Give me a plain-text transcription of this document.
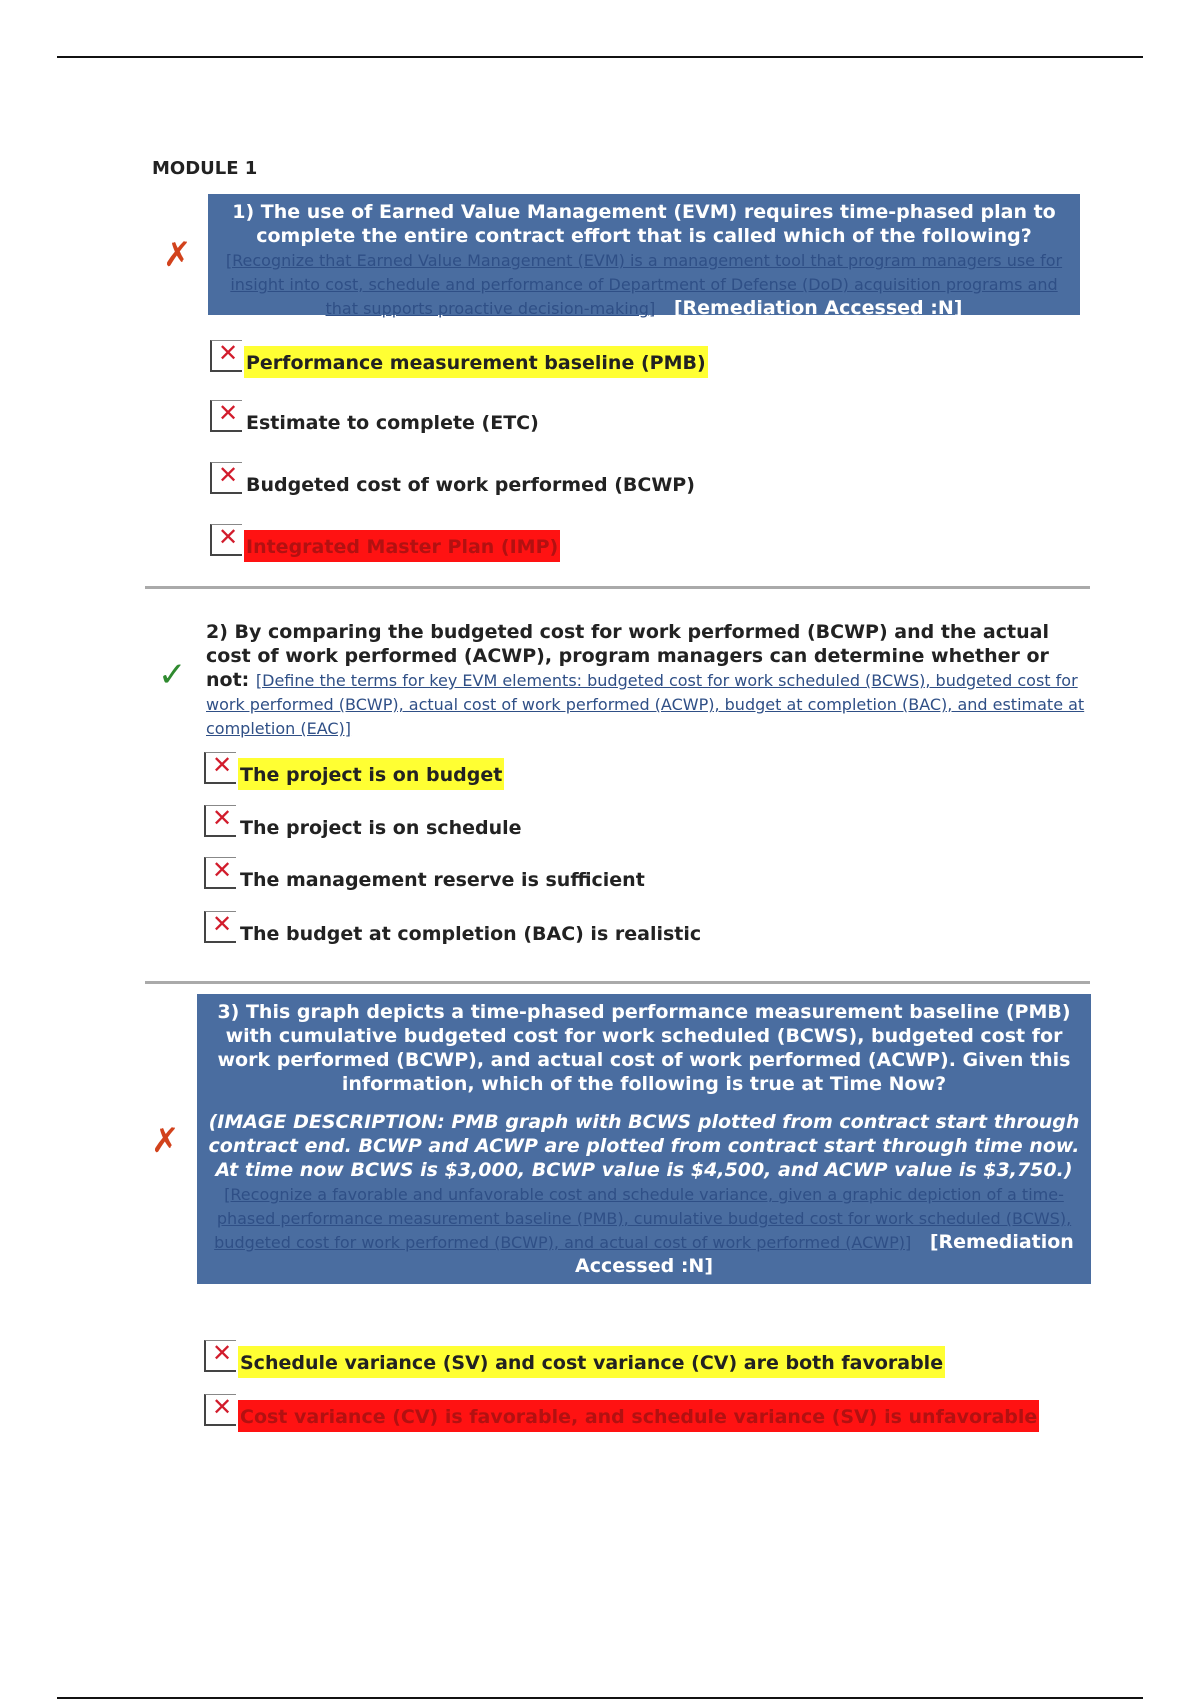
MODULE 1
✗
1) The use of Earned Value Management (EVM) requires time-phased plan to complete the entire contract effort that is called which of the following? [Recognize that Earned Value Management (EVM) is a management tool that program managers use for insight into cost, schedule and performance of Department of Defense (DoD) acquisition programs and that supports proactive decision-making] [Remediation Accessed :N]
✕ Performance measurement baseline (PMB)
✕ Estimate to complete (ETC)
✕ Budgeted cost of work performed (BCWP)
✕ Integrated Master Plan (IMP)
✓
2) By comparing the budgeted cost for work performed (BCWP) and the actual cost of work performed (ACWP), program managers can determine whether or not: [Define the terms for key EVM elements: budgeted cost for work scheduled (BCWS), budgeted cost for work performed (BCWP), actual cost of work performed (ACWP), budget at completion (BAC), and estimate at completion (EAC)]
✕ The project is on budget
✕ The project is on schedule
✕ The management reserve is sufficient
✕ The budget at completion (BAC) is realistic
✗
3) This graph depicts a time-phased performance measurement baseline (PMB) with cumulative budgeted cost for work scheduled (BCWS), budgeted cost for work performed (BCWP), and actual cost of work performed (ACWP). Given this information, which of the following is true at Time Now?
(IMAGE DESCRIPTION: PMB graph with BCWS plotted from contract start through contract end. BCWP and ACWP are plotted from contract start through time now. At time now BCWS is $3,000, BCWP value is $4,500, and ACWP value is $3,750.)
[Recognize a favorable and unfavorable cost and schedule variance, given a graphic depiction of a time-phased performance measurement baseline (PMB), cumulative budgeted cost for work scheduled (BCWS), budgeted cost for work performed (BCWP), and actual cost of work performed (ACWP)] [Remediation Accessed :N]
✕ Schedule variance (SV) and cost variance (CV) are both favorable
✕ Cost variance (CV) is favorable, and schedule variance (SV) is unfavorable
